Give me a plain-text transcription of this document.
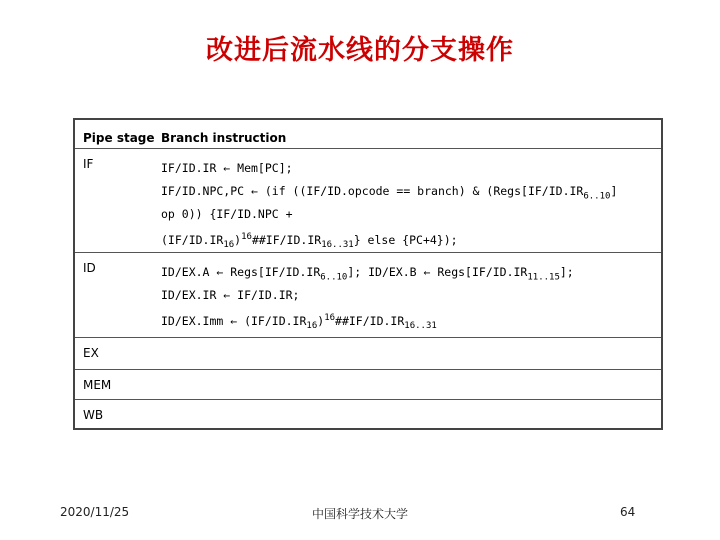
改进后流水线的分支操作
Pipe stage	Branch instruction
IF	IF/ID.IR ← Mem[PC];
IF/ID.NPC,PC ← (if ((IF/ID.opcode == branch) & ($Regs[IF/ID.IR_{6..10}]$
op 0)) {IF/ID.NPC +
$(IF/ID.IR_{16})^{16}\#\#IF/ID.IR_{16..31}$} else {PC+4});

ID	ID/EX.A ← $Regs[IF/ID.IR_{6..10}]$; ID/EX.B ← $Regs[IF/ID.IR_{11..15}]$;
ID/EX.IR ← IF/ID.IR;
ID/EX.Imm ← $(IF/ID.IR_{16})^{16}\#\#IF/ID.IR_{16..31}$

EX	
MEM	
WB	
2020/11/25	中国科学技术大学	64
